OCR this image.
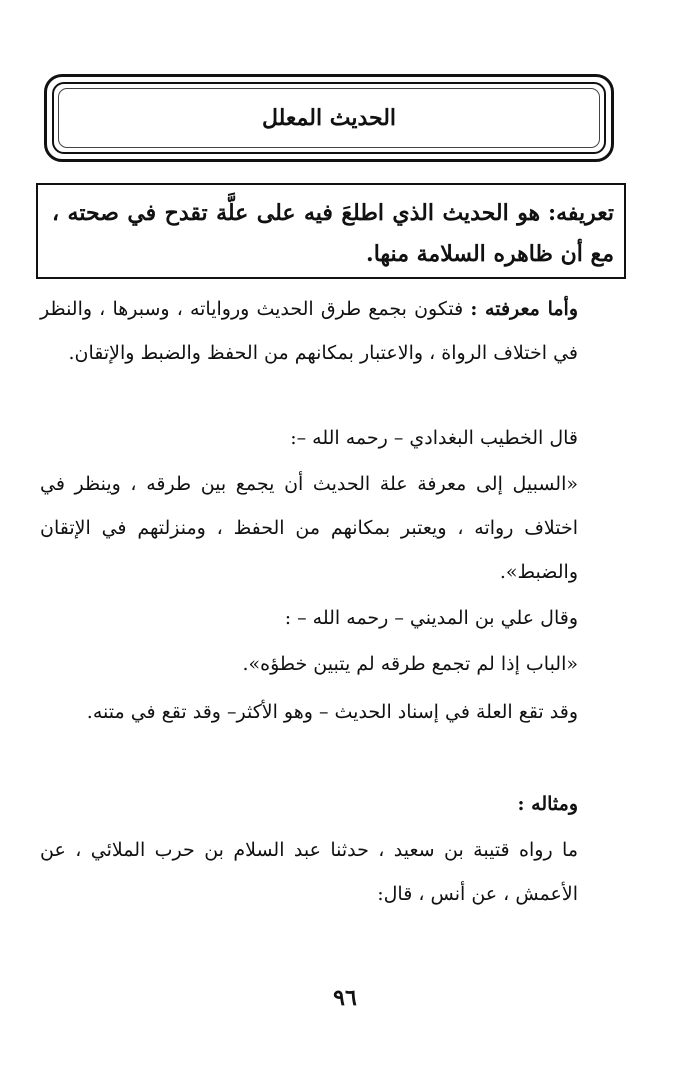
الحديث المعلل
تعريفه: هو الحديث الذي اطلعَ فيه على علَّة تقدح في صحته ، مع أن ظاهره السلامة منها.
وأما معرفته : فتكون بجمع طرق الحديث ورواياته ، وسبرها ، والنظر في اختلاف الرواة ، والاعتبار بمكانهم من الحفظ والضبط والإتقان.
قال الخطيب البغدادي – رحمه الله –:
«السبيل إلى معرفة علة الحديث أن يجمع بين طرقه ، وينظر في اختلاف رواته ، ويعتبر بمكانهم من الحفظ ، ومنزلتهم في الإتقان والضبط».
وقال علي بن المديني – رحمه الله – :
«الباب إذا لم تجمع طرقه لم يتبين خطؤه».
وقد تقع العلة في إسناد الحديث – وهو الأكثر– وقد تقع في متنه.
ومثاله :
ما رواه قتيبة بن سعيد ، حدثنا عبد السلام بن حرب الملائي ، عن الأعمش ، عن أنس ، قال:
٩٦
